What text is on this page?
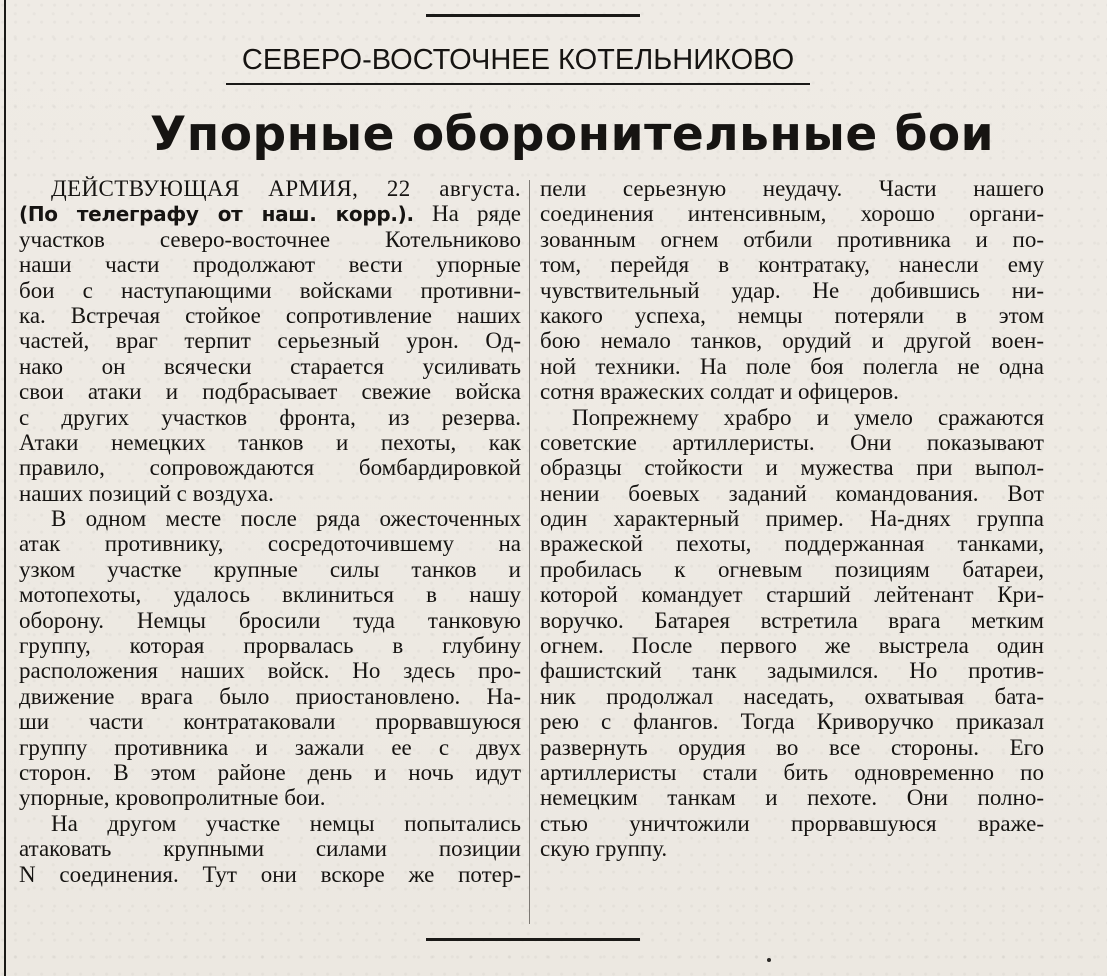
СЕВЕРО-ВОСТОЧНЕЕ КОТЕЛЬНИКОВО
Упорные оборонительные бои
ДЕЙСТВУЮЩАЯ АРМИЯ, 22 августа.
(По телеграфу от наш. корр.). На ряде
участков северо-восточнее Котельниково
наши части продолжают вести упорные
бои с наступающими войсками противни-
ка. Встречая стойкое сопротивление наших
частей, враг терпит серьезный урон. Од-
нако он всячески старается усиливать
свои атаки и подбрасывает свежие войска
с других участков фронта, из резерва.
Атаки немецких танков и пехоты, как
правило, сопровождаются бомбардировкой
наших позиций с воздуха.
В одном месте после ряда ожесточенных
атак противнику, сосредоточившему на
узком участке крупные силы танков и
мотопехоты, удалось вклиниться в нашу
оборону. Немцы бросили туда танковую
группу, которая прорвалась в глубину
расположения наших войск. Но здесь про-
движение врага было приостановлено. На-
ши части контратаковали прорвавшуюся
группу противника и зажали ее с двух
сторон. В этом районе день и ночь идут
упорные, кровопролитные бои.
На другом участке немцы попытались
атаковать крупными силами позиции
N соединения. Тут они вскоре же потер-
пели серьезную неудачу. Части нашего
соединения интенсивным, хорошо органи-
зованным огнем отбили противника и по-
том, перейдя в контратаку, нанесли ему
чувствительный удар. Не добившись ни-
какого успеха, немцы потеряли в этом
бою немало танков, орудий и другой воен-
ной техники. На поле боя полегла не одна
сотня вражеских солдат и офицеров.
Попрежнему храбро и умело сражаются
советские артиллеристы. Они показывают
образцы стойкости и мужества при выпол-
нении боевых заданий командования. Вот
один характерный пример. На-днях группа
вражеской пехоты, поддержанная танками,
пробилась к огневым позициям батареи,
которой командует старший лейтенант Кри-
воручко. Батарея встретила врага метким
огнем. После первого же выстрела один
фашистский танк задымился. Но против-
ник продолжал наседать, охватывая бата-
рею с флангов. Тогда Криворучко приказал
развернуть орудия во все стороны. Его
артиллеристы стали бить одновременно по
немецким танкам и пехоте. Они полно-
стью уничтожили прорвавшуюся враже-
скую группу.
